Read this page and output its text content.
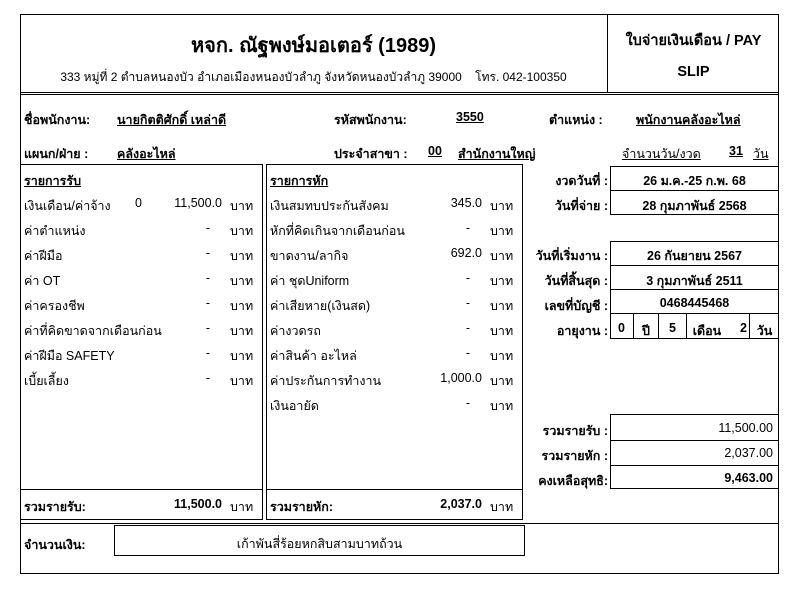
หจก. ณัฐพงษ์มอเตอร์ (1989)
333 หมู่ที่ 2 ตำบลหนองบัว อำเภอเมืองหนองบัวลำภู จังหวัดหนองบัวลำภู 39000 โทร. 042-100350
ใบจ่ายเงินเดือน / PAY
SLIP
ชื่อพนักงาน: นายกิตติศักดิ์ เหล่าดี	รหัสพนักงาน:	3550	ตำแหน่ง :	พนักงานคลังอะไหล่
แผนก/ฝ่าย : คลังอะไหล่	ประจำสาขา : 00 สำนักงานใหญ่	จำนวนวัน/งวด 31 วัน
รายการรับ	รายการหัก
เงินเดือน/ค่าจ้าง 0	11,500.0 บาท
ค่าตำแหน่ง	- บาท
ค่าฝีมือ	- บาท
ค่า OT	- บาท
ค่าครองชีพ	- บาท
ค่าที่คิดขาดจากเดือนก่อน	- บาท
ค่าฝีมือ SAFETY	- บาท
เบี้ยเลี้ยง	- บาท
เงินสมทบประกันสังคม	345.0 บาท
หักที่คิดเกินจากเดือนก่อน	- บาท
ขาดงาน/ลากิจ	692.0 บาท
ค่า ชุดUniform	- บาท
ค่าเสียหาย(เงินสด)	- บาท
ค่างวดรถ	- บาท
ค่าสินค้า อะไหล่	- บาท
ค่าประกันการทำงาน	1,000.0 บาท
เงินอายัด	- บาท
รวมรายรับ:	11,500.0 บาท รวมรายหัก:	2,037.0 บาท
งวดวันที่ :	26 ม.ค.-25 ก.พ. 68
วันที่จ่าย :	28 กุมภาพันธ์ 2568
วันที่เริ่มงาน :	26 กันยายน 2567
วันที่สิ้นสุด :	3 กุมภาพันธ์ 2511
เลขที่บัญชี :	0468445468
อายุงาน : 0	ปี	5	เดือน	2 วัน
รวมรายรับ :	11,500.00
รวมรายหัก :	2,037.00
คงเหลือสุทธิ:	9,463.00
จำนวนเงิน:	เก้าพันสี่ร้อยหกสิบสามบาทถ้วน
